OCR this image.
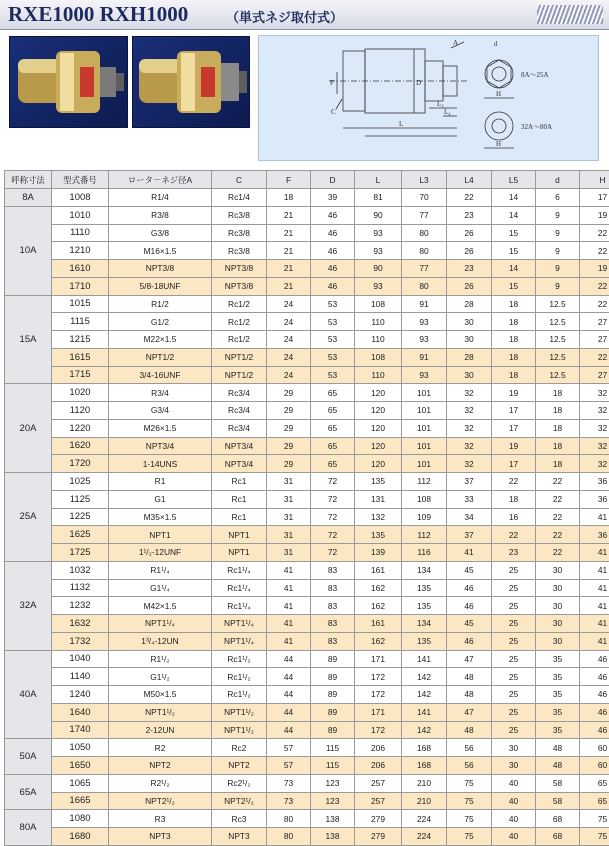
RXE1000 RXH1000	（単式ネジ取付式）
A	d
F	D
C
L₃
L₄
L
H
H
8A～25A
32A～80A
呼称寸法	型式番号	ロータ－ネジ径A	C	F	D	L	L3	L4	L5	d	H
8A	1008	R1/4	Rc1/4	18	39	81	70	22	14	6	17
10A	1010	R3/8	Rc3/8	21	46	90	77	23	14	9	19
	1110	G3/8	Rc3/8	21	46	93	80	26	15	9	22
	1210	M16×1.5	Rc3/8	21	46	93	80	26	15	9	22
	1610	NPT3/8	NPT3/8	21	46	90	77	23	14	9	19
	1710	5/8-18UNF	NPT3/8	21	46	93	80	26	15	9	22
15A	1015	R1/2	Rc1/2	24	53	108	91	28	18	12.5	22
	1115	G1/2	Rc1/2	24	53	110	93	30	18	12.5	27
	1215	M22×1.5	Rc1/2	24	53	110	93	30	18	12.5	27
	1615	NPT1/2	NPT1/2	24	53	108	91	28	18	12.5	22
	1715	3/4-16UNF	NPT1/2	24	53	110	93	30	18	12.5	27
20A	1020	R3/4	Rc3/4	29	65	120	101	32	19	18	32
	1120	G3/4	Rc3/4	29	65	120	101	32	17	18	32
	1220	M26×1.5	Rc3/4	29	65	120	101	32	17	18	32
	1620	NPT3/4	NPT3/4	29	65	120	101	32	19	18	32
	1720	1-14UNS	NPT3/4	29	65	120	101	32	17	18	32
25A	1025	R1	Rc1	31	72	135	112	37	22	22	36
	1125	G1	Rc1	31	72	131	108	33	18	22	36
	1225	M35×1.5	Rc1	31	72	132	109	34	16	22	41
	1625	NPT1	NPT1	31	72	135	112	37	22	22	36
	1725	1¹/₂-12UNF	NPT1	31	72	139	116	41	23	22	41
32A	1032	R1¹/₄	Rc1¹/₄	41	83	161	134	45	25	30	41
	1132	G1¹/₄	Rc1¹/₄	41	83	162	135	46	25	30	41
	1232	M42×1.5	Rc1¹/₄	41	83	162	135	46	25	30	41
	1632	NPT1¹/₄	NPT1¹/₄	41	83	161	134	45	25	30	41
	1732	1³/₄-12UN	NPT1¹/₄	41	83	162	135	46	25	30	41
40A	1040	R1¹/₂	Rc1¹/₂	44	89	171	141	47	25	35	46
	1140	G1¹/₂	Rc1¹/₂	44	89	172	142	48	25	35	46
	1240	M50×1.5	Rc1¹/₂	44	89	172	142	48	25	35	46
	1640	NPT1¹/₂	NPT1¹/₂	44	89	171	141	47	25	35	46
	1740	2-12UN	NPT1¹/₂	44	89	172	142	48	25	35	46
50A	1050	R2	Rc2	57	115	206	168	56	30	48	60
	1650	NPT2	NPT2	57	115	206	168	56	30	48	60
65A	1065	R2¹/₂	Rc2¹/₂	73	123	257	210	75	40	58	65
	1665	NPT2¹/₂	NPT2¹/₂	73	123	257	210	75	40	58	65
80A	1080	R3	Rc3	80	138	279	224	75	40	68	75
	1680	NPT3	NPT3	80	138	279	224	75	40	68	75
